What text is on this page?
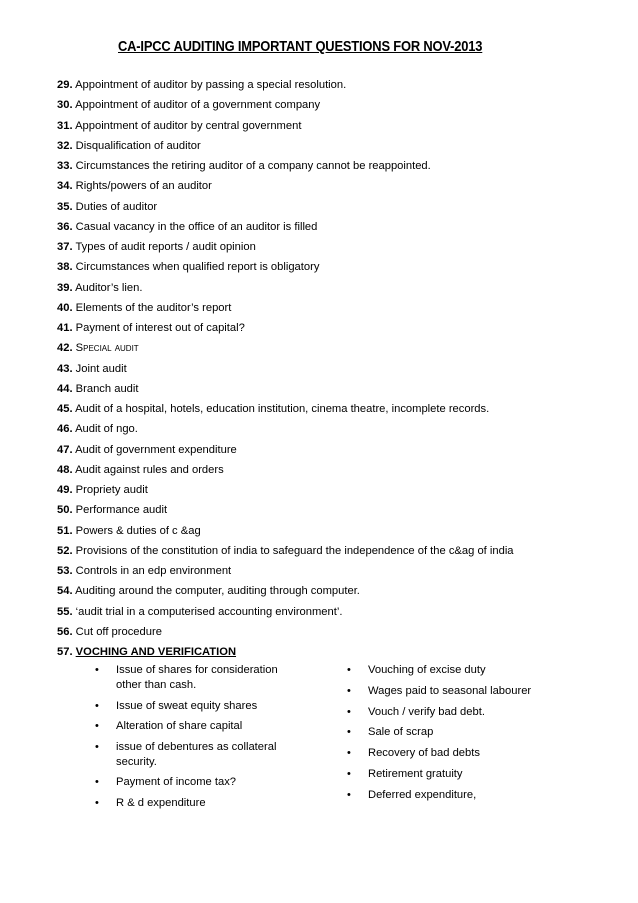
CA-IPCC AUDITING IMPORTANT QUESTIONS FOR NOV-2013
29. Appointment of auditor by passing a special resolution.
30. Appointment of auditor of a government company
31. Appointment of auditor by central government
32. Disqualification of auditor
33. Circumstances the retiring auditor of a company cannot be reappointed.
34. Rights/powers of an auditor
35. Duties of auditor
36. Casual vacancy in the office of an auditor is filled
37. Types of audit reports / audit opinion
38. Circumstances when qualified report is obligatory
39. Auditor’s lien.
40. Elements of the auditor’s report
41. Payment of interest out of capital?
42. Special audit
43. Joint audit
44. Branch audit
45. Audit of a hospital, hotels, education institution, cinema theatre, incomplete records.
46. Audit of ngo.
47. Audit of government expenditure
48. Audit against rules and orders
49. Propriety audit
50. Performance audit
51. Powers & duties of c &ag
52. Provisions of the constitution of india to safeguard the independence of the c&ag of india
53. Controls in an edp environment
54. Auditing around the computer, auditing through computer.
55. ‘audit trial in a computerised accounting environment’.
56. Cut off procedure
57. VOCHING AND VERIFICATION
• Issue of shares for consideration other than cash.
• Issue of sweat equity shares
• Alteration of share capital
• issue of debentures as collateral security.
• Payment of income tax?
• R & d expenditure
• Vouching of excise duty
• Wages paid to seasonal labourer
• Vouch / verify bad debt.
• Sale of scrap
• Recovery of bad debts
• Retirement gratuity
• Deferred expenditure,
